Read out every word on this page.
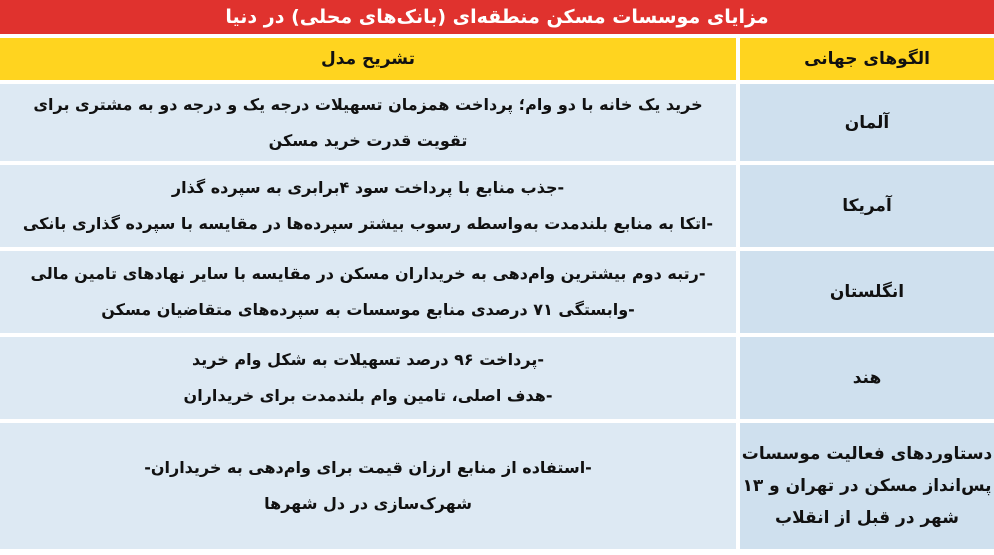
مزایای موسسات مسکن منطقه‌ای (بانک‌های محلی) در دنیا
الگوهای جهانی
تشریح مدل
آلمان
خرید یک خانه با دو وام؛ پرداخت همزمان تسهیلات درجه یک و درجه دو به مشتری برای
تقویت قدرت خرید مسکن
آمریکا
-جذب منابع با پرداخت سود ۴برابری به سپرده گذار
-اتکا به منابع بلندمدت به‌واسطه رسوب بیشتر سپرده‌ها در مقایسه با سپرده گذاری بانکی
انگلستان
-رتبه دوم بیشترین وام‌دهی به خریداران مسکن در مقایسه با سایر نهادهای تامین مالی
-وابستگی ۷۱ درصدی منابع موسسات به سپرده‌های متقاضیان مسکن
هند
-پرداخت ۹۶ درصد تسهیلات به شکل وام خرید
-هدف اصلی، تامین وام بلندمدت برای خریداران
دستاوردهای فعالیت موسسات
پس‌انداز مسکن در تهران و ۱۳
شهر در قبل از انقلاب
-استفاده از منابع ارزان قیمت برای وام‌دهی به خریداران-
شهرک‌سازی در دل شهرها
